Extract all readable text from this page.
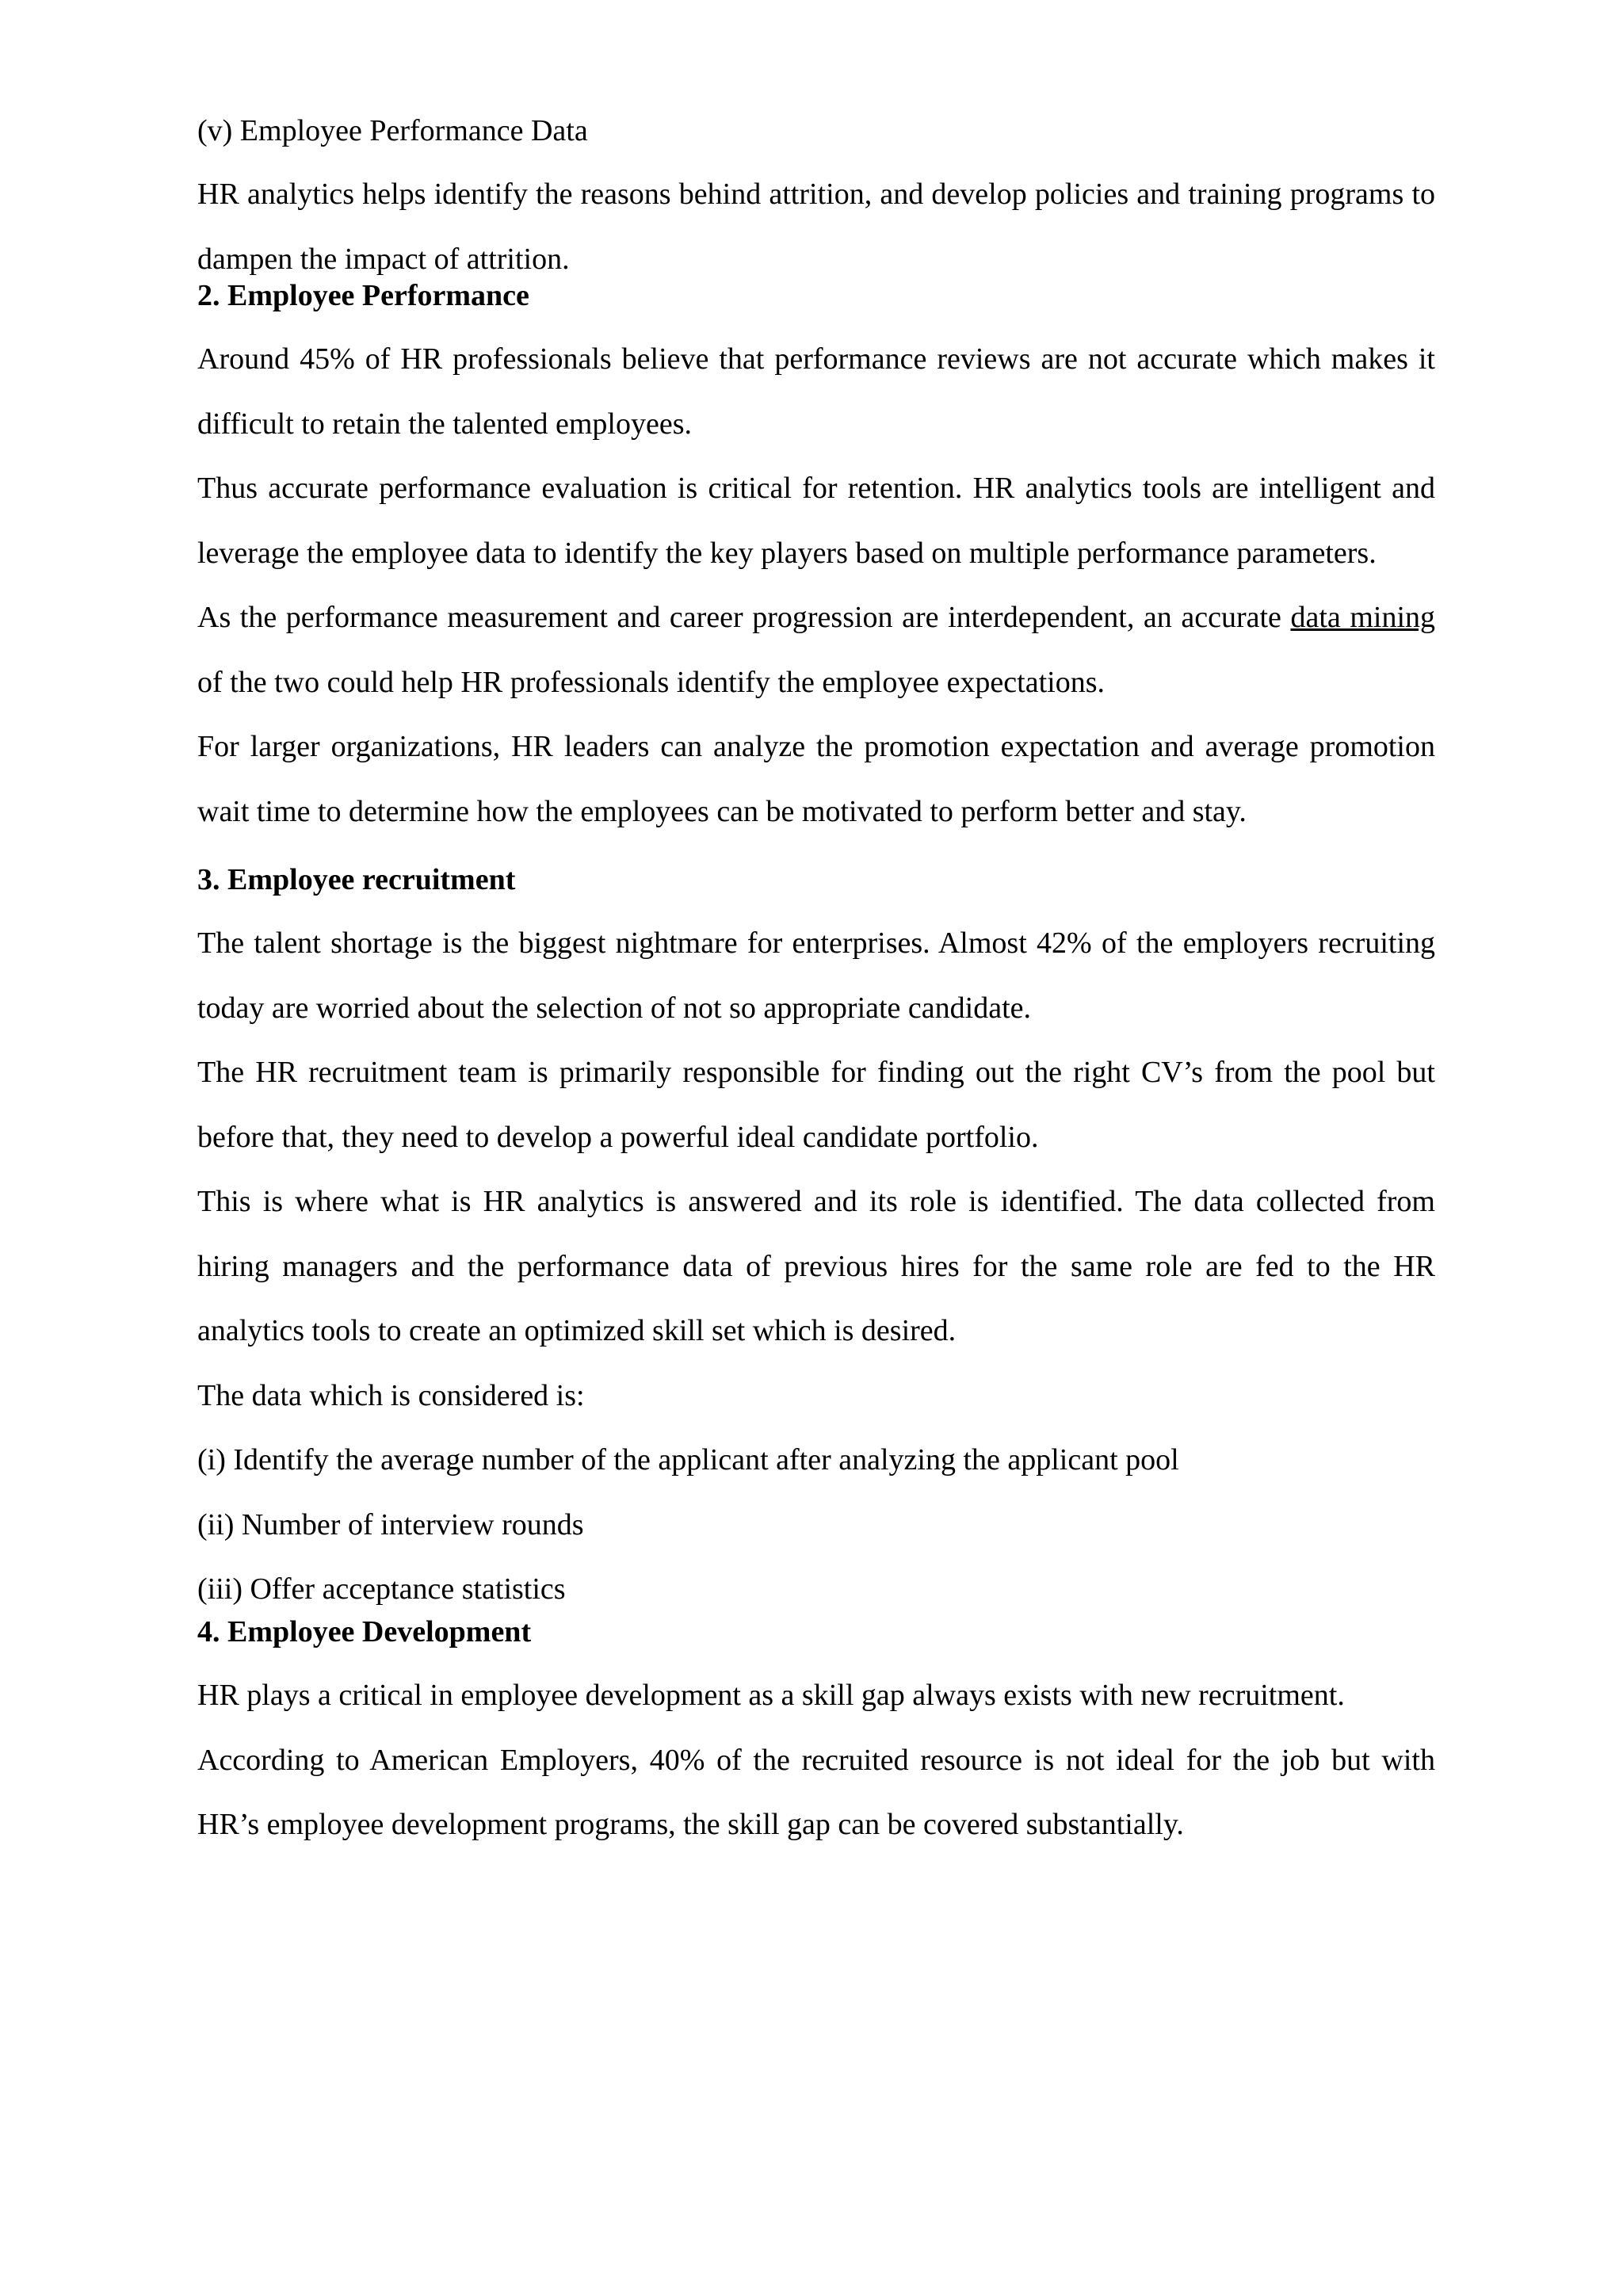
(v) Employee Performance Data

HR analytics helps identify the reasons behind attrition, and develop policies and training programs to dampen the impact of attrition.

2. Employee Performance

Around 45% of HR professionals believe that performance reviews are not accurate which makes it difficult to retain the talented employees.

Thus accurate performance evaluation is critical for retention. HR analytics tools are intelligent and leverage the employee data to identify the key players based on multiple performance parameters.

As the performance measurement and career progression are interdependent, an accurate data mining of the two could help HR professionals identify the employee expectations.

For larger organizations, HR leaders can analyze the promotion expectation and average promotion wait time to determine how the employees can be motivated to perform better and stay.

3. Employee recruitment

The talent shortage is the biggest nightmare for enterprises. Almost 42% of the employers recruiting today are worried about the selection of not so appropriate candidate.

The HR recruitment team is primarily responsible for finding out the right CV’s from the pool but before that, they need to develop a powerful ideal candidate portfolio.

This is where what is HR analytics is answered and its role is identified. The data collected from hiring managers and the performance data of previous hires for the same role are fed to the HR analytics tools to create an optimized skill set which is desired.

The data which is considered is:

(i) Identify the average number of the applicant after analyzing the applicant pool

(ii) Number of interview rounds

(iii) Offer acceptance statistics

4. Employee Development

HR plays a critical in employee development as a skill gap always exists with new recruitment.

According to American Employers, 40% of the recruited resource is not ideal for the job but with HR’s employee development programs, the skill gap can be covered substantially.
